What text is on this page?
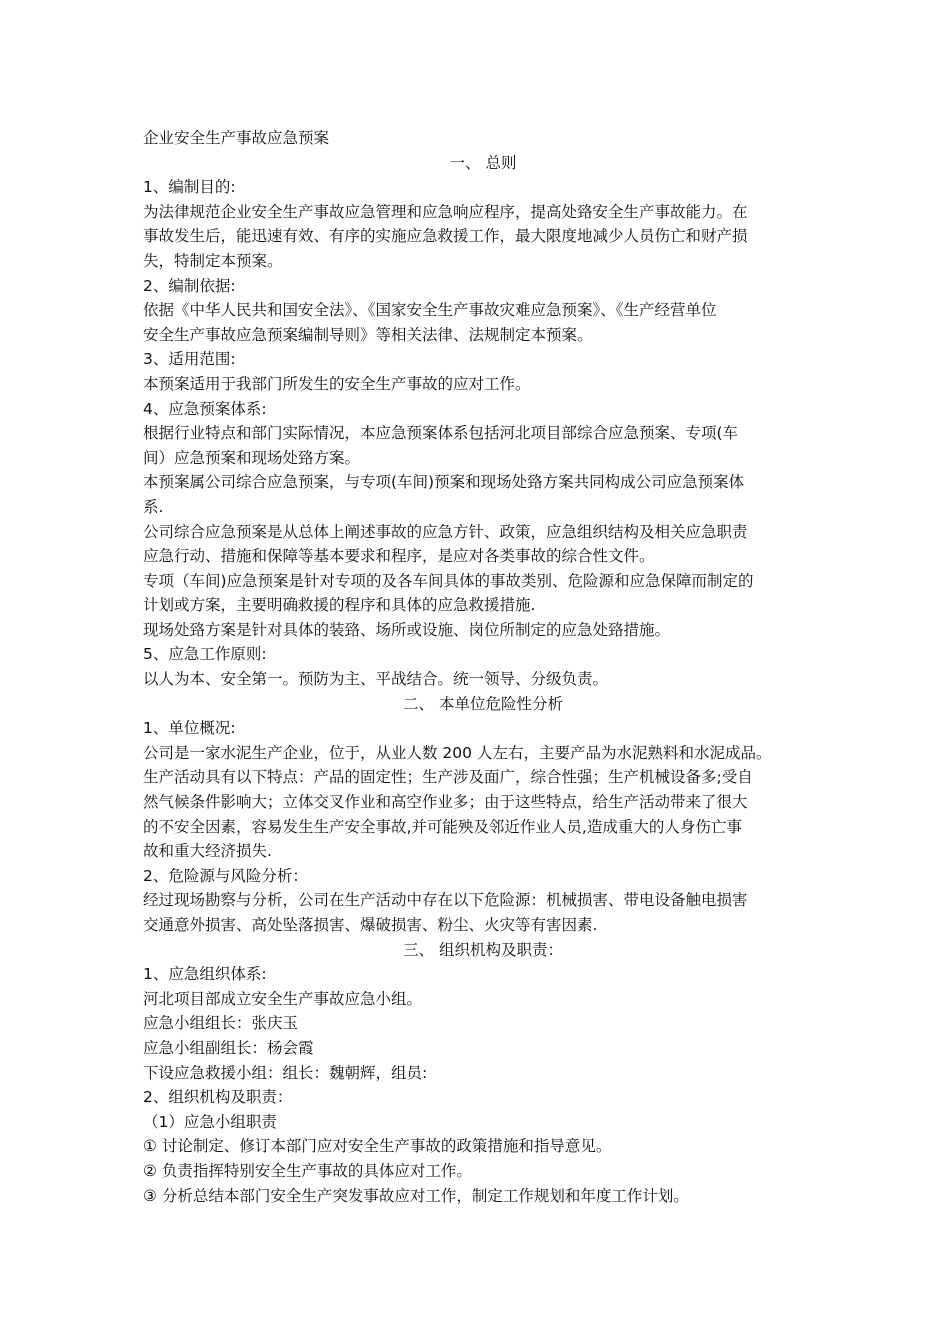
企业安全生产事故应急预案
一、 总则
1、编制目的:
为法律规范企业安全生产事故应急管理和应急响应程序，提高处臵安全生产事故能力。在
事故发生后，能迅速有效、有序的实施应急救援工作，最大限度地减少人员伤亡和财产损
失，特制定本预案。
2、编制依据:
依据《中华人民共和国安全法》、《国家安全生产事故灾难应急预案》、《生产经营单位
安全生产事故应急预案编制导则》等相关法律、法规制定本预案。
3、适用范围:
本预案适用于我部门所发生的安全生产事故的应对工作。
4、应急预案体系:
根据行业特点和部门实际情况，本应急预案体系包括河北项目部综合应急预案、专项(车
间）应急预案和现场处臵方案。
本预案属公司综合应急预案，与专项(车间)预案和现场处臵方案共同构成公司应急预案体
系.
公司综合应急预案是从总体上阐述事故的应急方针、政策，应急组织结构及相关应急职责
应急行动、措施和保障等基本要求和程序，是应对各类事故的综合性文件。
专项（车间)应急预案是针对专项的及各车间具体的事故类别、危险源和应急保障而制定的
计划或方案，主要明确救援的程序和具体的应急救援措施.
现场处臵方案是针对具体的装臵、场所或设施、岗位所制定的应急处臵措施。
5、应急工作原则:
以人为本、安全第一。预防为主、平战结合。统一领导、分级负责。
二、 本单位危险性分析
1、单位概况:
公司是一家水泥生产企业，位于，从业人数 200 人左右，主要产品为水泥熟料和水泥成品。
生产活动具有以下特点：产品的固定性；生产涉及面广，综合性强；生产机械设备多;受自
然气候条件影响大；立体交叉作业和高空作业多；由于这些特点，给生产活动带来了很大
的不安全因素，容易发生生产安全事故,并可能殃及邻近作业人员,造成重大的人身伤亡事
故和重大经济损失.
2、危险源与风险分析：
经过现场勘察与分析，公司在生产活动中存在以下危险源：机械损害、带电设备触电损害
交通意外损害、高处坠落损害、爆破损害、粉尘、火灾等有害因素.
三、 组织机构及职责：
1、应急组织体系:
河北项目部成立安全生产事故应急小组。
应急小组组长：张庆玉
应急小组副组长：杨会霞
下设应急救援小组：组长：魏朝辉，组员:
2、组织机构及职责：
（1）应急小组职责
① 讨论制定、修订本部门应对安全生产事故的政策措施和指导意见。
② 负责指挥特别安全生产事故的具体应对工作。
③ 分析总结本部门安全生产突发事故应对工作，制定工作规划和年度工作计划。
